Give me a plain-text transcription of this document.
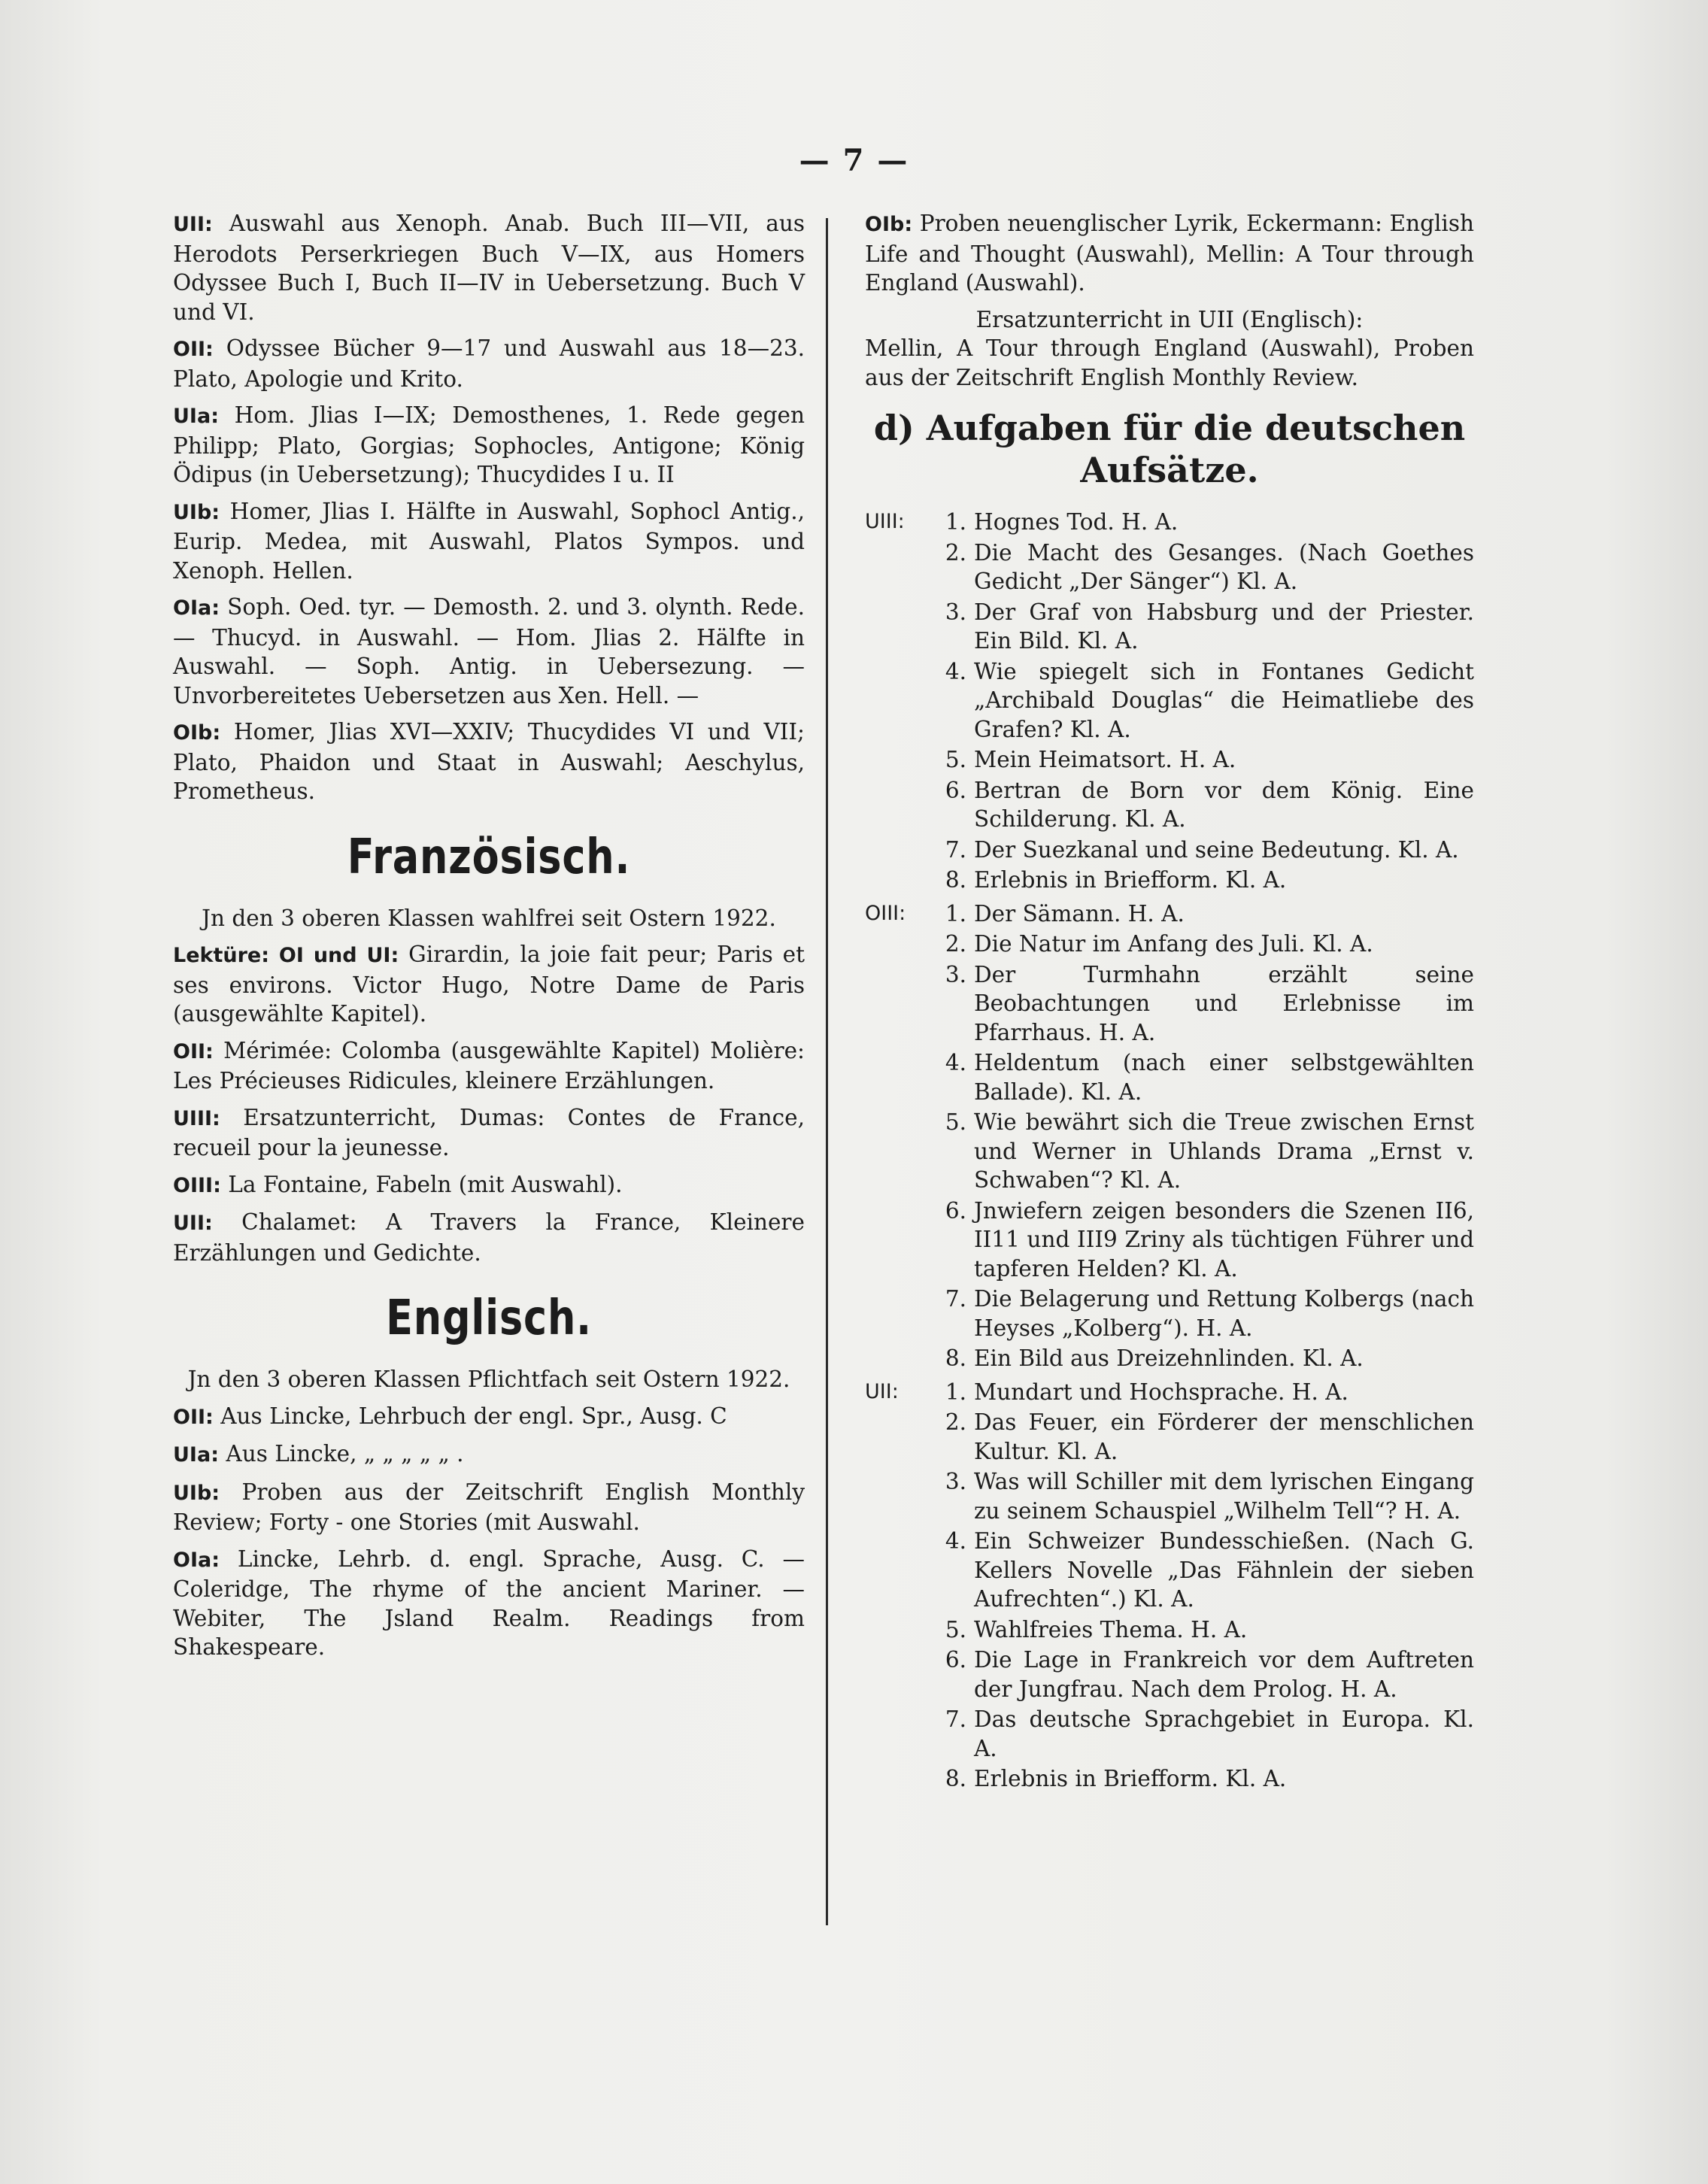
— 7 —

UII: Auswahl aus Xenoph. Anab. Buch III—VII, aus Herodots Perserkriegen Buch V—IX, aus Homers Odyssee Buch I, Buch II—IV in Uebersetzung. Buch V und VI.

OII: Odyssee Bücher 9—17 und Auswahl aus 18—23. Plato, Apologie und Krito.

UIa: Hom. Jlias I—IX; Demosthenes, 1. Rede gegen Philipp; Plato, Gorgias; Sophocles, Antigone; König Ödipus (in Uebersetzung); Thucydides I u. II

UIb: Homer, Jlias I. Hälfte in Auswahl, Sophocl Antig., Eurip. Medea, mit Auswahl, Platos Sympos. und Xenoph. Hellen.

OIa: Soph. Oed. tyr. — Demosth. 2. und 3. olynth. Rede. — Thucyd. in Auswahl. — Hom. Jlias 2. Hälfte in Auswahl. — Soph. Antig. in Uebersezung. — Unvorbereitetes Uebersetzen aus Xen. Hell. —

OIb: Homer, Jlias XVI—XXIV; Thucydides VI und VII; Plato, Phaidon und Staat in Auswahl; Aeschylus, Prometheus.

Französisch.

Jn den 3 oberen Klassen wahlfrei seit Ostern 1922.

Lektüre: OI und UI: Girardin, la joie fait peur; Paris et ses environs. Victor Hugo, Notre Dame de Paris (ausgewählte Kapitel).

OII: Mérimée: Colomba (ausgewählte Kapitel) Molière: Les Précieuses Ridicules, kleinere Erzählungen.

UIII: Ersatzunterricht, Dumas: Contes de France, recueil pour la jeunesse.

OIII: La Fontaine, Fabeln (mit Auswahl).

UII: Chalamet: A Travers la France, Kleinere Erzählungen und Gedichte.

Englisch.

Jn den 3 oberen Klassen Pflichtfach seit Ostern 1922.

OII: Aus Lincke, Lehrbuch der engl. Spr., Ausg. C

UIa: Aus Lincke, „ „ „ „ „ .

UIb: Proben aus der Zeitschrift English Monthly Review; Forty - one Stories (mit Auswahl.

OIa: Lincke, Lehrb. d. engl. Sprache, Ausg. C. — Coleridge, The rhyme of the ancient Mariner. — Webiter, The Jsland Realm. Readings from Shakespeare.

OIb: Proben neuenglischer Lyrik, Eckermann: English Life and Thought (Auswahl), Mellin: A Tour through England (Auswahl).

Ersatzunterricht in UII (Englisch):

Mellin, A Tour through England (Auswahl), Proben aus der Zeitschrift English Monthly Review.

d) Aufgaben für die deutschen Aufsätze.
UIII:	1. Hognes Tod. H. A.
2. Die Macht des Gesanges. (Nach Goethes Gedicht „Der Sänger“) Kl. A.
3. Der Graf von Habsburg und der Priester. Ein Bild. Kl. A.
4. Wie spiegelt sich in Fontanes Gedicht „Archibald Douglas“ die Heimatliebe des Grafen? Kl. A.
5. Mein Heimatsort. H. A.
6. Bertran de Born vor dem König. Eine Schilderung. Kl. A.
7. Der Suezkanal und seine Bedeutung. Kl. A.
8. Erlebnis in Briefform. Kl. A.
OIII:	1. Der Sämann. H. A.
2. Die Natur im Anfang des Juli. Kl. A.
3. Der Turmhahn erzählt seine Beobachtungen und Erlebnisse im Pfarrhaus. H. A.
4. Heldentum (nach einer selbstgewählten Ballade). Kl. A.
5. Wie bewährt sich die Treue zwischen Ernst und Werner in Uhlands Drama „Ernst v. Schwaben“? Kl. A.
6. Jnwiefern zeigen besonders die Szenen II6, II11 und III9 Zriny als tüchtigen Führer und tapferen Helden? Kl. A.
7. Die Belagerung und Rettung Kolbergs (nach Heyses „Kolberg“). H. A.
8. Ein Bild aus Dreizehnlinden. Kl. A.
UII:	1. Mundart und Hochsprache. H. A.
2. Das Feuer, ein Förderer der menschlichen Kultur. Kl. A.
3. Was will Schiller mit dem lyrischen Eingang zu seinem Schauspiel „Wilhelm Tell“? H. A.
4. Ein Schweizer Bundesschießen. (Nach G. Kellers Novelle „Das Fähnlein der sieben Aufrechten“.) Kl. A.
5. Wahlfreies Thema. H. A.
6. Die Lage in Frankreich vor dem Auftreten der Jungfrau. Nach dem Prolog. H. A.
7. Das deutsche Sprachgebiet in Europa. Kl. A.
8. Erlebnis in Briefform. Kl. A.
